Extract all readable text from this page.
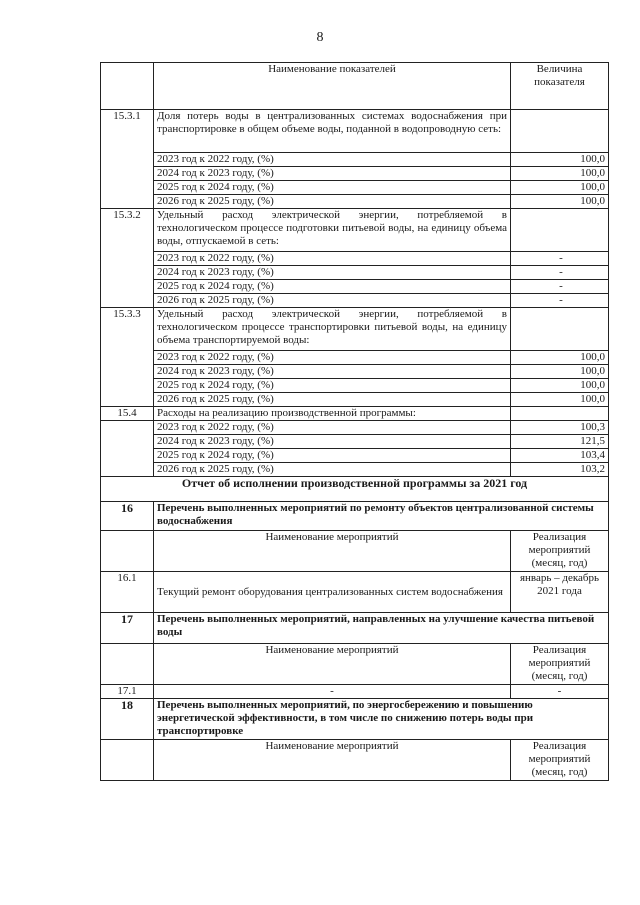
8
	Наименование показателей	Величина показателя
15.3.1	Доля потерь воды в централизованных системах водоснабжения при транспортировке в общем объеме воды, поданной в водопроводную сеть:	
	2023 год к 2022 году, (%)	100,0
	2024 год к 2023 году, (%)	100,0
	2025 год к 2024 году, (%)	100,0
	2026 год к 2025 году, (%)	100,0
15.3.2	Удельный расход электрической энергии, потребляемой в технологическом процессе подготовки питьевой воды, на единицу объема воды, отпускаемой в сеть:	
	2023 год к 2022 году, (%)	-
	2024 год к 2023 году, (%)	-
	2025 год к 2024 году, (%)	-
	2026 год к 2025 году, (%)	-
15.3.3	Удельный расход электрической энергии, потребляемой в технологическом процессе транспортировки питьевой воды, на единицу объема транспортируемой воды:	
	2023 год к 2022 году, (%)	100,0
	2024 год к 2023 году, (%)	100,0
	2025 год к 2024 году, (%)	100,0
	2026 год к 2025 году, (%)	100,0
15.4	Расходы на реализацию производственной программы:	
	2023 год к 2022 году, (%)	100,3
	2024 год к 2023 году, (%)	121,5
	2025 год к 2024 году, (%)	103,4
	2026 год к 2025 году, (%)	103,2
Отчет об исполнении производственной программы за 2021 год		
16	Перечень выполненных мероприятий по ремонту объектов централизованной системы водоснабжения	
	Наименование мероприятий	Реализация мероприятий (месяц, год)
16.1	Текущий ремонт оборудования централизованных систем водоснабжения	январь – декабрь 2021 года
17	Перечень выполненных мероприятий, направленных на улучшение качества питьевой воды	
	Наименование мероприятий	Реализация мероприятий (месяц, год)
17.1	-	-
18	Перечень выполненных мероприятий, по энергосбережению и повышению энергетической эффективности, в том числе по снижению потерь воды при транспортировке	
	Наименование мероприятий	Реализация мероприятий (месяц, год)
